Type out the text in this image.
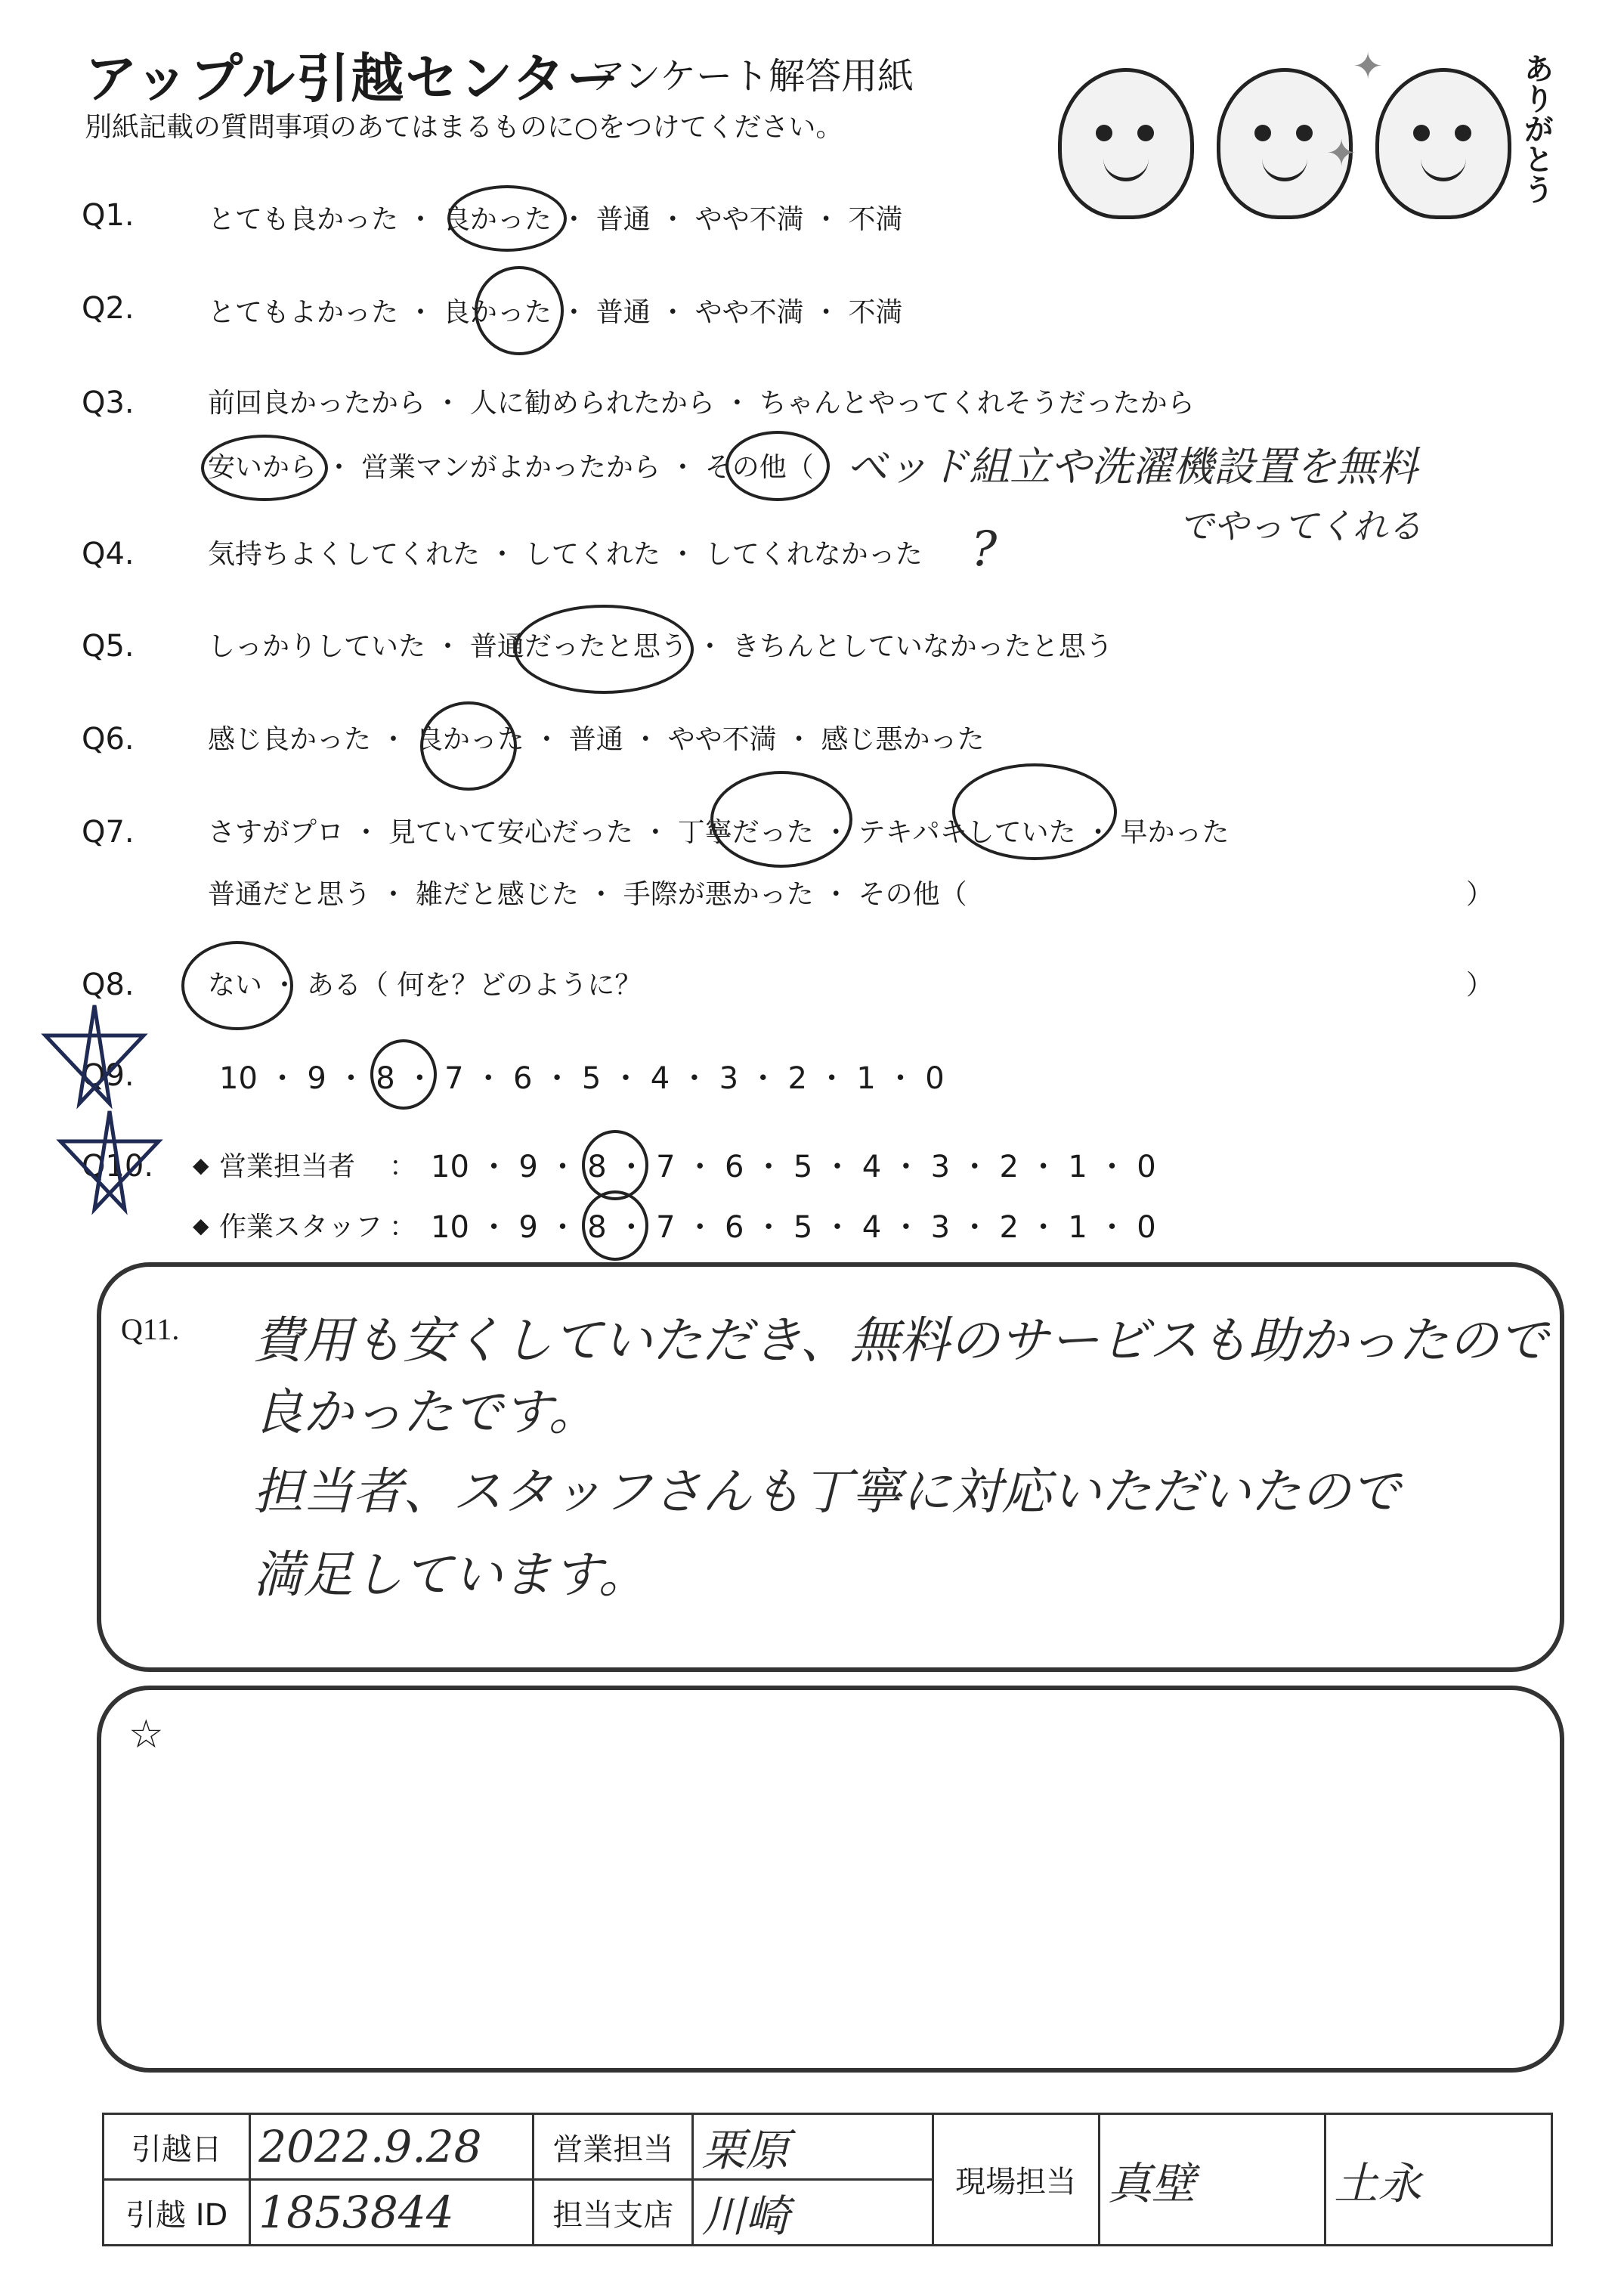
アップル引越センター
アンケート解答用紙
別紙記載の質問事項のあてはまるものに○をつけてください。
✦
✦	ありがとう
Q1.	とても良かった ・ 良かった ・ 普通 ・ やや不満 ・ 不満
Q2.	とてもよかった ・ 良かった ・ 普通 ・ やや不満 ・ 不満
Q3.	前回良かったから ・ 人に勧められたから ・ ちゃんとやってくれそうだったから
安いから ・ 営業マンがよかったから ・ その他（ ベッド組立や洗濯機設置を無料
でやってくれる
Q4.	気持ちよくしてくれた ・ してくれた ・ してくれなかった ?
Q5.	しっかりしていた ・ 普通だったと思う ・ きちんとしていなかったと思う
Q6.	感じ良かった ・ 良かった ・ 普通 ・ やや不満 ・ 感じ悪かった
Q7.	さすがプロ ・ 見ていて安心だった ・ 丁寧だった ・ テキパキしていた ・ 早かった
普通だと思う ・ 雑だと感じた ・ 手際が悪かった ・ その他（	）
Q8.	ない ・ ある（ 何を？どのように？	）
Q9.	10 ・ 9 ・ 8 ・ 7 ・ 6 ・ 5 ・ 4 ・ 3 ・ 2 ・ 1 ・ 0
Q10. ◆ 営業担当者 ： 10 ・ 9 ・ 8 ・ 7 ・ 6 ・ 5 ・ 4 ・ 3 ・ 2 ・ 1 ・ 0
◆ 作業スタッフ ： 10 ・ 9 ・ 8 ・ 7 ・ 6 ・ 5 ・ 4 ・ 3 ・ 2 ・ 1 ・ 0
Q11. 費用も安くしていただき、無料のサービスも助かったので
良かったです。
担当者、スタッフさんも丁寧に対応いただいたので
満足しています。
☆
引越日	2022.9.28	営業担当	栗原	現場担当	真壁	土永
引越 ID	1853844	担当支店	川崎			
